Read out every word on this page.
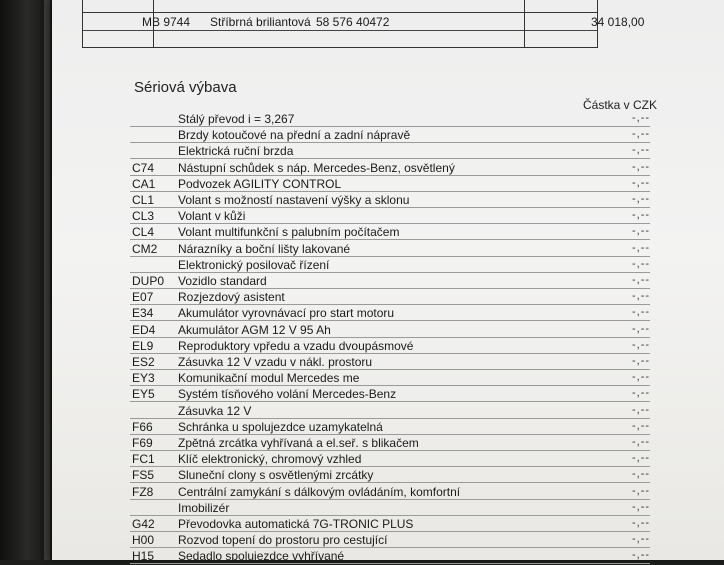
MB 9744 Stříbrná briliantová 58 576 40472	34 018,00
Sériová výbava
Částka v CZK
Stálý převod i = 3,267	-,--
Brzdy kotoučové na přední a zadní nápravě	-,--
Elektrická ruční brzda	-,--
C74 Nástupní schůdek s náp. Mercedes-Benz, osvětlený	-,--
CA1 Podvozek AGILITY CONTROL	-,--
CL1 Volant s možností nastavení výšky a sklonu	-,--
CL3 Volant v kůži	-,--
CL4 Volant multifunkční s palubním počítačem	-,--
CM2 Nárazníky a boční lišty lakované	-,--
Elektronický posilovač řízení	-,--
DUP0 Vozidlo standard	-,--
E07 Rozjezdový asistent	-,--
E34 Akumulátor vyrovnávací pro start motoru	-,--
ED4 Akumulátor AGM 12 V 95 Ah	-,--
EL9 Reproduktory vpředu a vzadu dvoupásmové	-,--
ES2 Zásuvka 12 V vzadu v nákl. prostoru	-,--
EY3 Komunikační modul Mercedes me	-,--
EY5 Systém tísňového volání Mercedes-Benz	-,--
Zásuvka 12 V	-,--
F66 Schránka u spolujezdce uzamykatelná	-,--
F69 Zpětná zrcátka vyhřívaná a el.seř. s blikačem	-,--
FC1 Klíč elektronický, chromový vzhled	-,--
FS5 Sluneční clony s osvětlenými zrcátky	-,--
FZ8 Centrální zamykání s dálkovým ovládáním, komfortní	-,--
Imobilizér	-,--
G42 Převodovka automatická 7G-TRONIC PLUS	-,--
H00 Rozvod topení do prostoru pro cestující	-,--
H15 Sedadlo spolujezdce vyhřívané	-,--
